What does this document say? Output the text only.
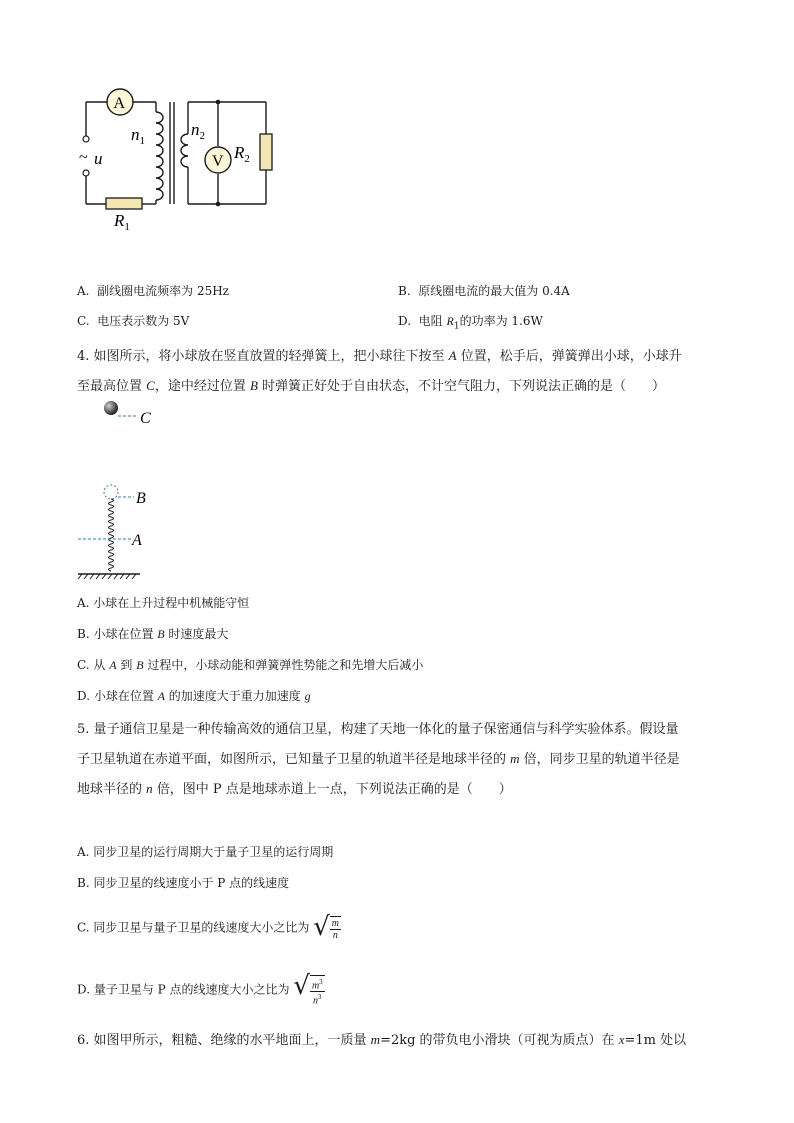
~ u
A
V
$n_1$
$n_2$
$R_1$
$R_2$
A. 副线圈电流频率为 25Hz	B. 原线圈电流的最大值为 0.4A
C. 电压表示数为 5V	D. 电阻 $R_1$的功率为 1.6W
4. 如图所示，将小球放在竖直放置的轻弹簧上，把小球往下按至 A 位置，松手后，弹簧弹出小球，小球升
至最高位置 C，途中经过位置 B 时弹簧正好处于自由状态，不计空气阻力，下列说法正确的是（　　）
C
B
A
A. 小球在上升过程中机械能守恒
B. 小球在位置 B 时速度最大
C. 从 A 到 B 过程中，小球动能和弹簧弹性势能之和先增大后减小
D. 小球在位置 A 的加速度大于重力加速度 g
5. 量子通信卫星是一种传输高效的通信卫星，构建了天地一体化的量子保密通信与科学实验体系。假设量
子卫星轨道在赤道平面，如图所示，已知量子卫星的轨道半径是地球半径的 m 倍，同步卫星的轨道半径是
地球半径的 n 倍，图中 P 点是地球赤道上一点，下列说法正确的是（　　）
A. 同步卫星的运行周期大于量子卫星的运行周期
B. 同步卫星的线速度小于 P 点的线速度
C. 同步卫星与量子卫星的线速度大小之比为 √ $\frac{m}{n}$
D. 量子卫星与 P 点的线速度大小之比为 √ $\frac{m^3}{n^3}$
6. 如图甲所示，粗糙、绝缘的水平地面上，一质量 m=2kg 的带负电小滑块（可视为质点）在 x=1m 处以
